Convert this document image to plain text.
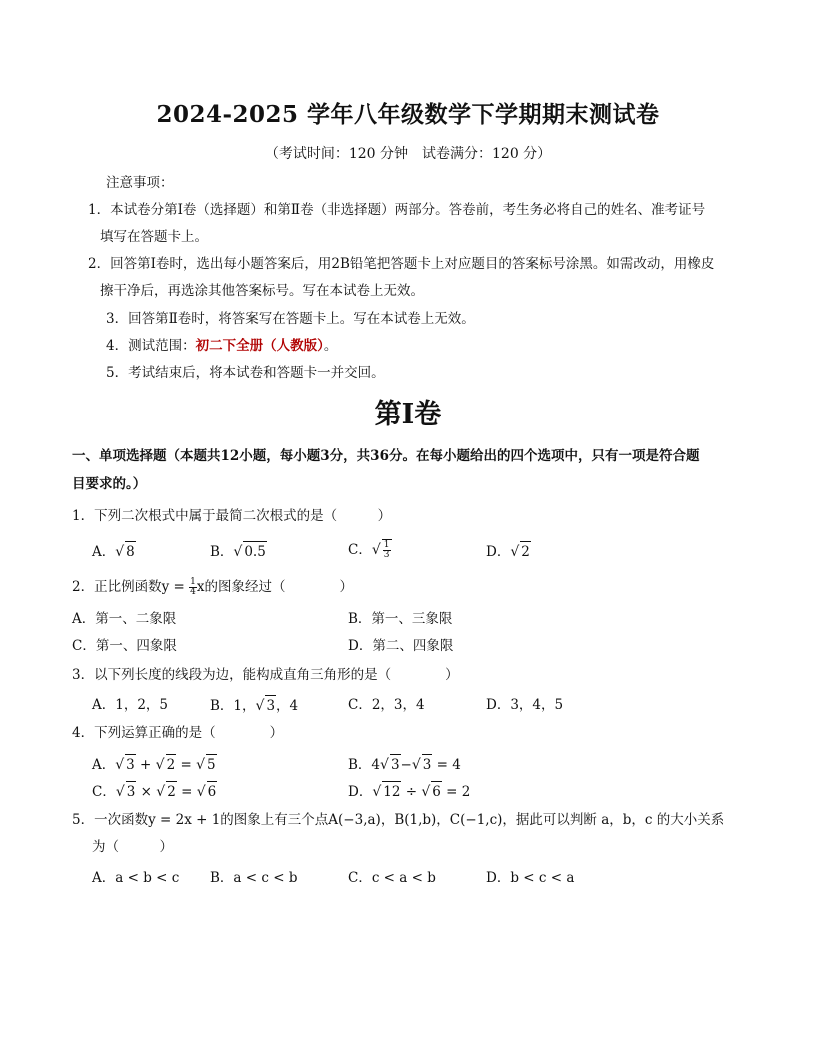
2024-2025 学年八年级数学下学期期末测试卷
（考试时间：120 分钟　试卷满分：120 分）
注意事项：
1．本试卷分第Ⅰ卷（选择题）和第Ⅱ卷（非选择题）两部分。答卷前，考生务必将自己的姓名、准考证号
填写在答题卡上。
2．回答第Ⅰ卷时，选出每小题答案后，用2B铅笔把答题卡上对应题目的答案标号涂黑。如需改动，用橡皮
擦干净后，再选涂其他答案标号。写在本试卷上无效。
3．回答第Ⅱ卷时，将答案写在答题卡上。写在本试卷上无效。
4．测试范围：初二下全册（人教版）。
5．考试结束后，将本试卷和答题卡一并交回。
第Ⅰ卷
一、单项选择题（本题共12小题，每小题3分，共36分。在每小题给出的四个选项中，只有一项是符合题
目要求的。）
1．下列二次根式中属于最简二次根式的是（　　　）
A．√ 8	B．√ 0.5	C．√ $\frac{1}{3}$	D．√ 2
2．正比例函数$y = \frac{1}{4}$ x的图象经过（　　　　）
A．第一、二象限	B．第一、三象限
C．第一、四象限	D．第二、四象限
3．以下列长度的线段为边，能构成直角三角形的是（　　　　）
A．1，2，5	B．1，√ 3，4	C．2，3，4	D．3，4，5
4．下列运算正确的是（　　　　）
A．√ 3 + √ 2 = √ 5	B．4√ 3−√ 3 = 4
C．√ 3 × √ 2 = √ 6	D．√ 12 ÷ √ 6 = 2
5．一次函数y = 2x + 1的图象上有三个点A(−3,a)，B(1,b)，C(−1,c)，据此可以判断 a，b，c 的大小关系
为（　　　）
A．a < b < c B．a < c < b	C．c < a < b	D．b < c < a
